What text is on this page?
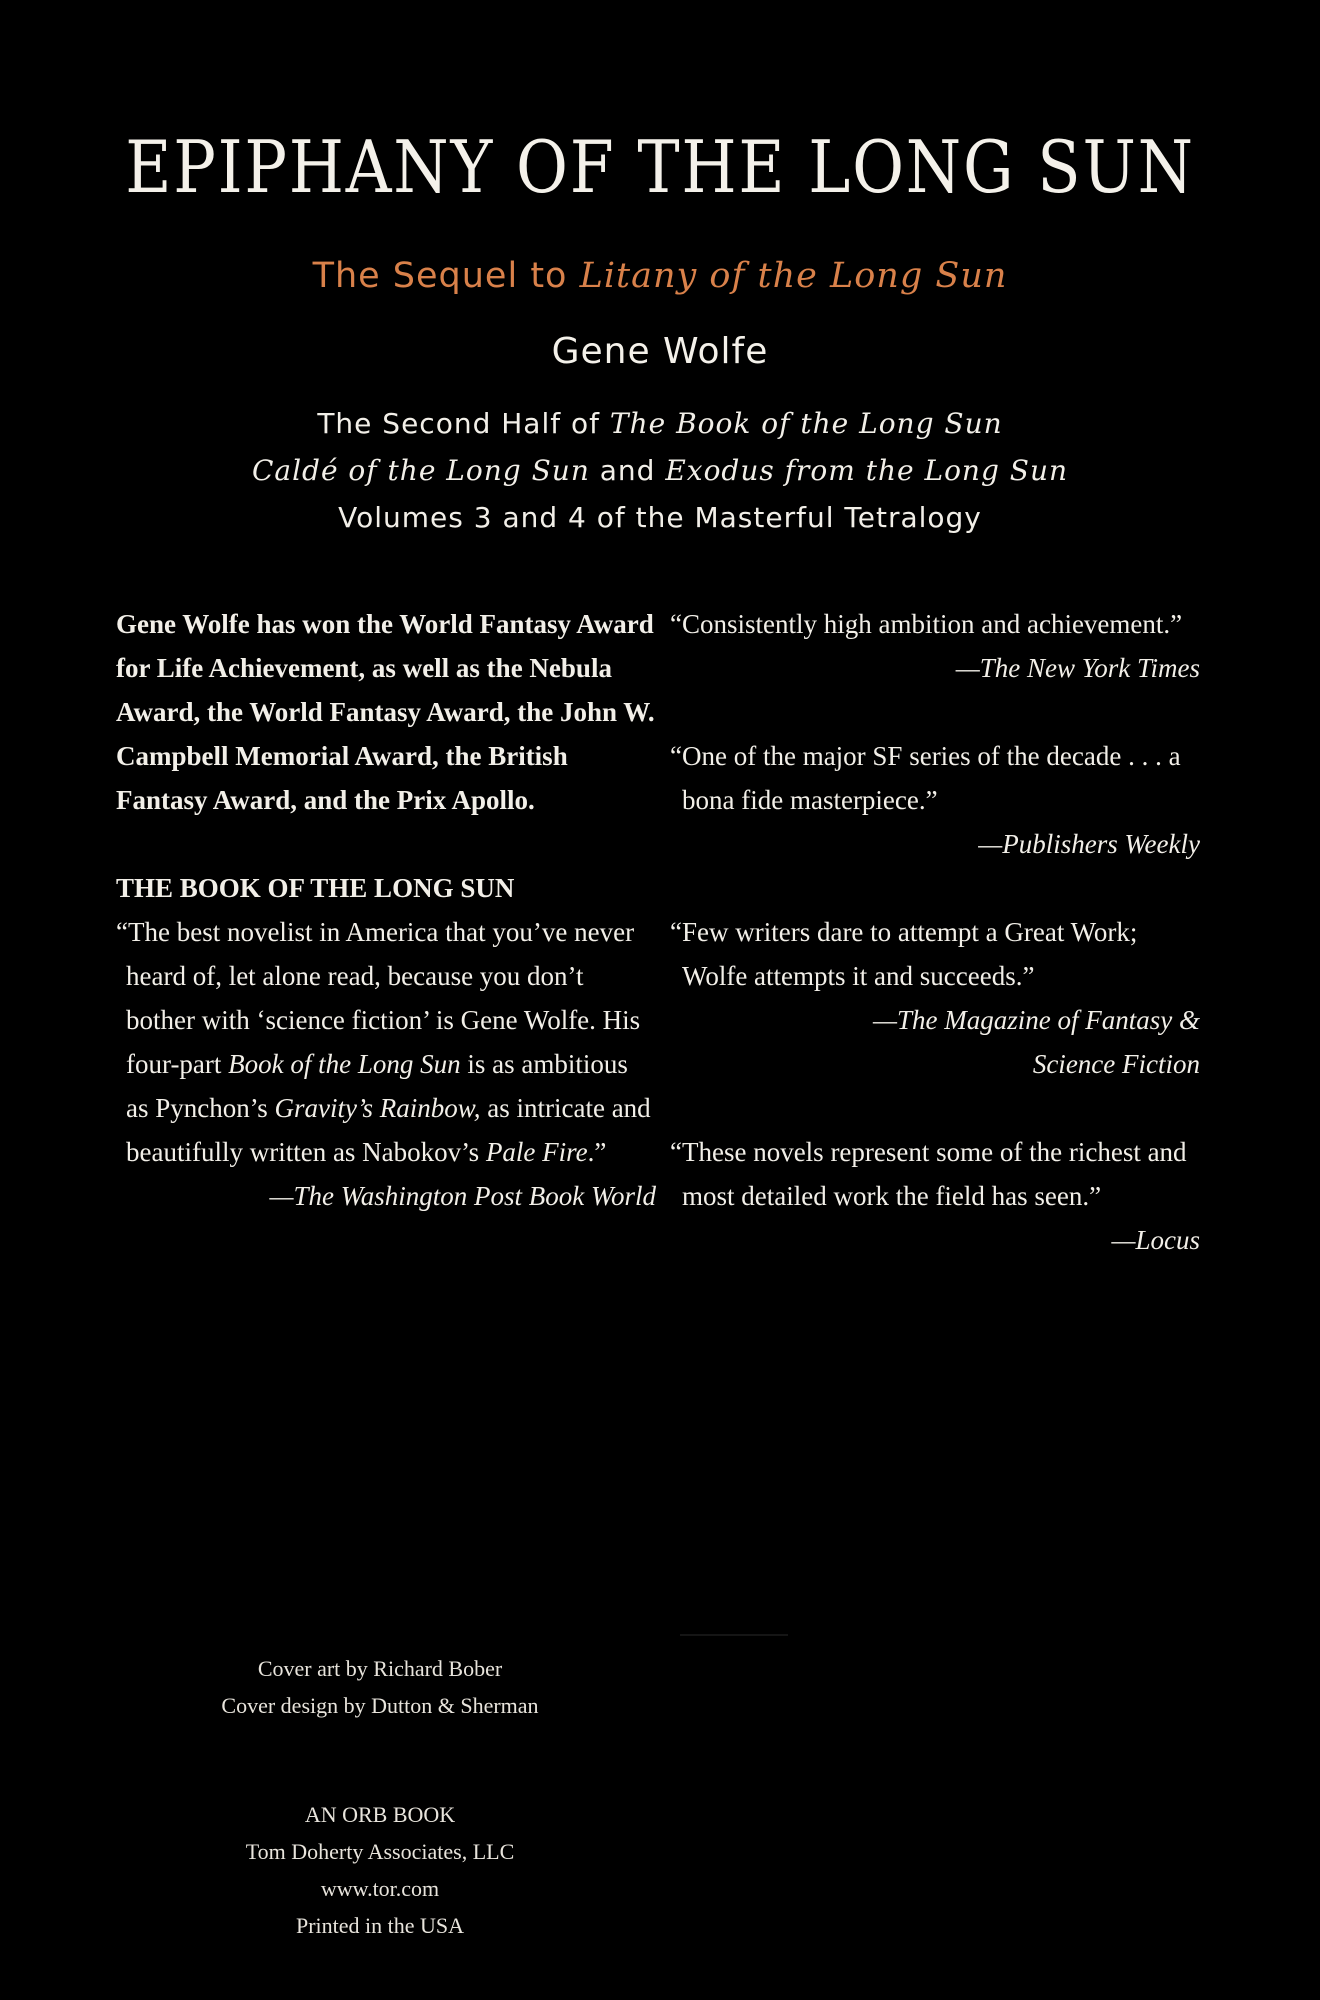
EPIPHANY OF THE LONG SUN
The Sequel to Litany of the Long Sun
Gene Wolfe
The Second Half of The Book of the Long Sun
Caldé of the Long Sun and Exodus from the Long Sun
Volumes 3 and 4 of the Masterful Tetralogy

Gene Wolfe has won the World Fantasy Award for Life Achievement, as well as the Nebula Award, the World Fantasy Award, the John W. Campbell Memorial Award, the British Fantasy Award, and the Prix Apollo.

THE BOOK OF THE LONG SUN

“The best novelist in America that you’ve never heard of, let alone read, because you don’t bother with ‘science fiction’ is Gene Wolfe. His four-part Book of the Long Sun is as ambitious as Pynchon’s Gravity’s Rainbow, as intricate and beautifully written as Nabokov’s Pale Fire.”

—The Washington Post Book World

“Consistently high ambition and achievement.”

—The New York Times

“One of the major SF series of the decade . . . a bona fide masterpiece.”

—Publishers Weekly

“Few writers dare to attempt a Great Work; Wolfe attempts it and succeeds.”

—The Magazine of Fantasy & Science Fiction

“These novels represent some of the richest and most detailed work the field has seen.”

—Locus

Cover art by Richard Bober
Cover design by Dutton & Sherman
AN ORB BOOK
Tom Doherty Associates, LLC
www.tor.com
Printed in the USA
